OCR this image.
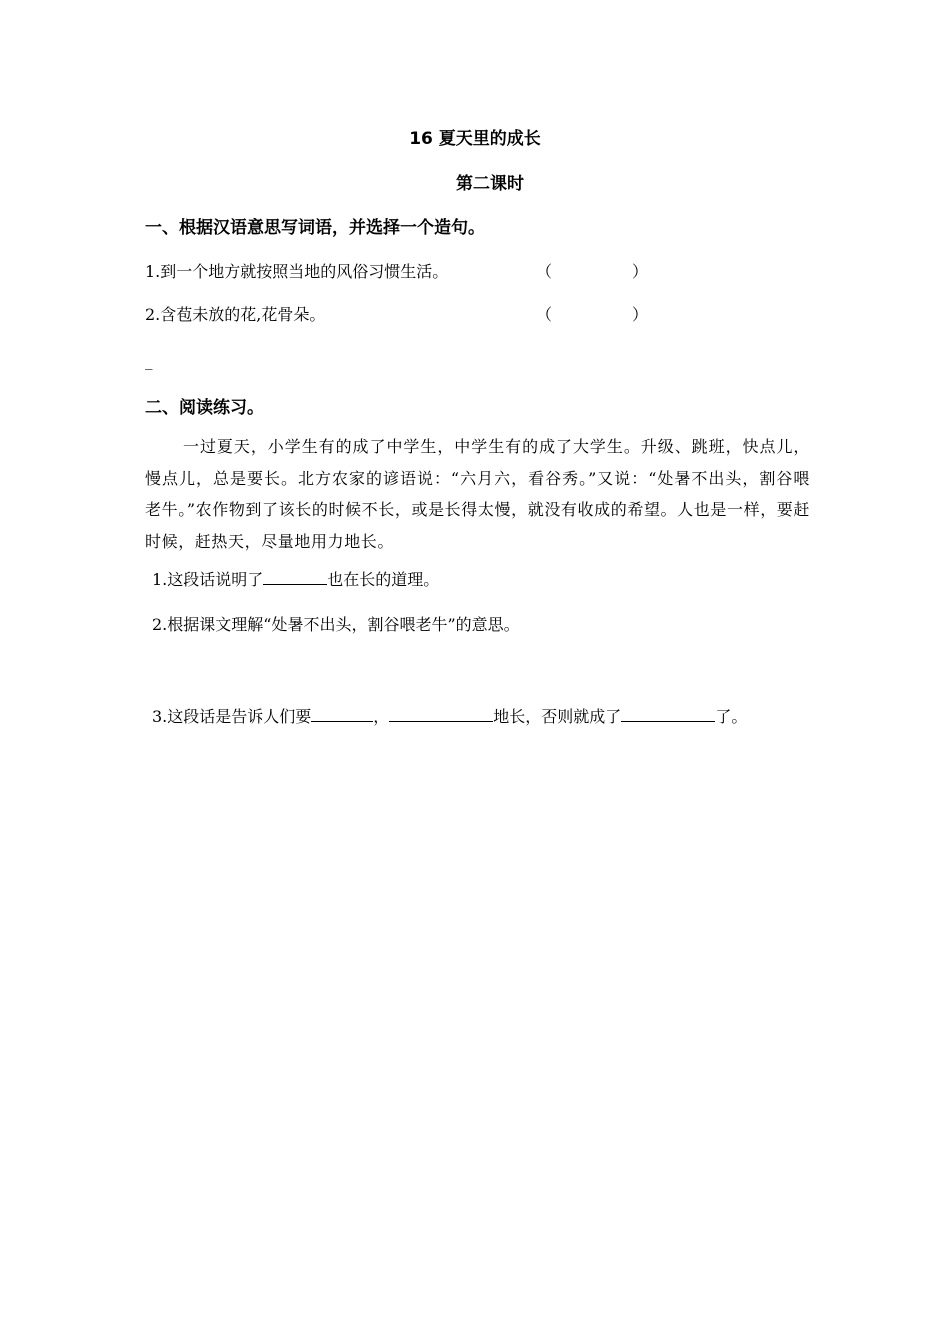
16 夏天里的成长
第二课时
一、根据汉语意思写词语，并选择一个造句。
1.到一个地方就按照当地的风俗习惯生活。	（	）
2.含苞未放的花,花骨朵。	（	）
_
二、阅读练习。
一过夏天，小学生有的成了中学生，中学生有的成了大学生。升级、跳班，快点儿，慢点儿，总是要长。北方农家的谚语说：“六月六，看谷秀。”又说：“处暑不出头，割谷喂老牛。”农作物到了该长的时候不长，或是长得太慢，就没有收成的希望。人也是一样，要赶时候，赶热天，尽量地用力地长。
1.这段话说明了	也在长的道理。
2.根据课文理解“处暑不出头，割谷喂老牛”的意思。
3.这段话是告诉人们要	，	地长，否则就成了	了。
